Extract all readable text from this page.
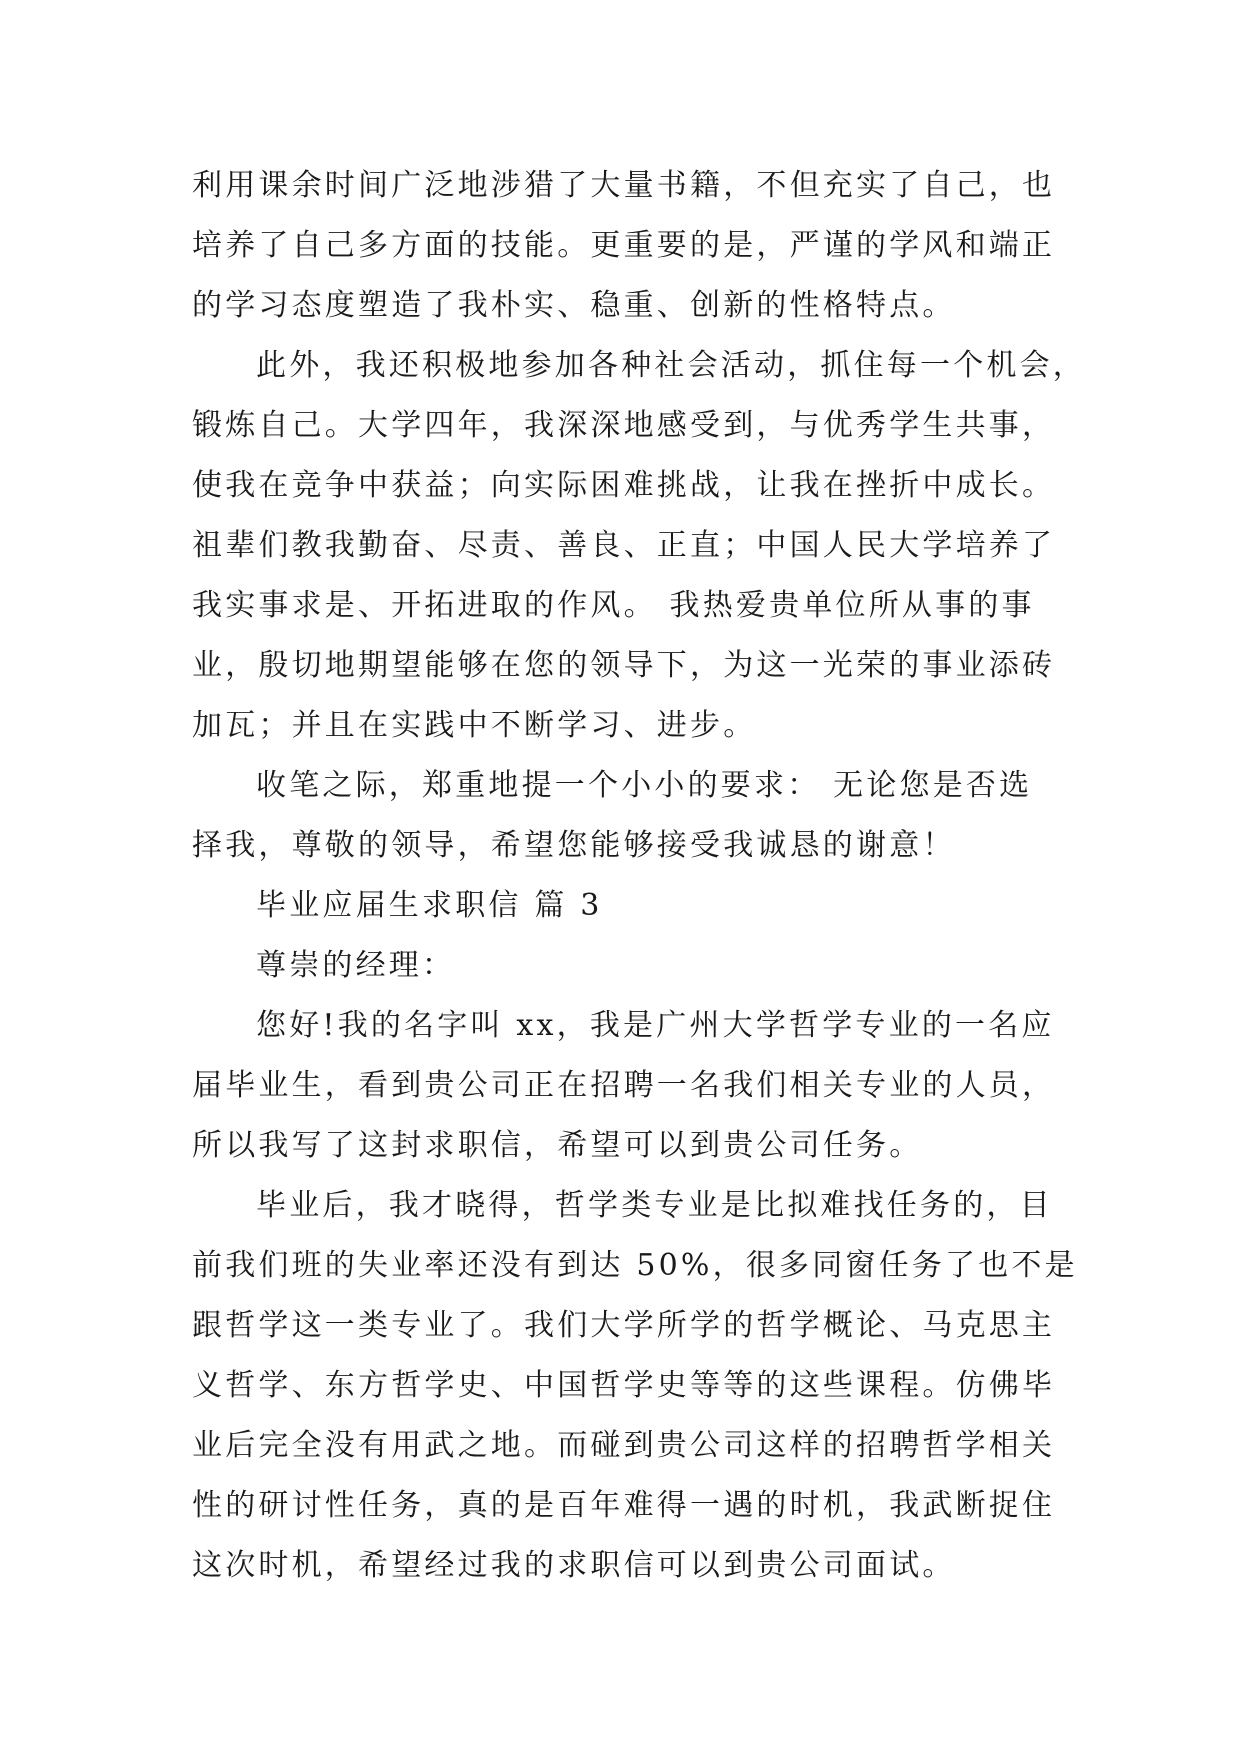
利用课余时间广泛地涉猎了大量书籍，不但充实了自己，也
培养了自己多方面的技能。更重要的是，严谨的学风和端正
的学习态度塑造了我朴实、稳重、创新的性格特点。
此外，我还积极地参加各种社会活动，抓住每一个机会，
锻炼自己。大学四年，我深深地感受到，与优秀学生共事，
使我在竞争中获益；向实际困难挑战，让我在挫折中成长。
祖辈们教我勤奋、尽责、善良、正直；中国人民大学培养了
我实事求是、开拓进取的作风。 我热爱贵单位所从事的事
业，殷切地期望能够在您的领导下，为这一光荣的事业添砖
加瓦；并且在实践中不断学习、进步。
收笔之际，郑重地提一个小小的要求： 无论您是否选
择我，尊敬的领导，希望您能够接受我诚恳的谢意！
毕业应届生求职信 篇 3
尊崇的经理：
您好!我的名字叫 xx，我是广州大学哲学专业的一名应
届毕业生，看到贵公司正在招聘一名我们相关专业的人员，
所以我写了这封求职信，希望可以到贵公司任务。
毕业后，我才晓得，哲学类专业是比拟难找任务的，目
前我们班的失业率还没有到达 50%，很多同窗任务了也不是
跟哲学这一类专业了。我们大学所学的哲学概论、马克思主
义哲学、东方哲学史、中国哲学史等等的这些课程。仿佛毕
业后完全没有用武之地。而碰到贵公司这样的招聘哲学相关
性的研讨性任务，真的是百年难得一遇的时机，我武断捉住
这次时机，希望经过我的求职信可以到贵公司面试。
